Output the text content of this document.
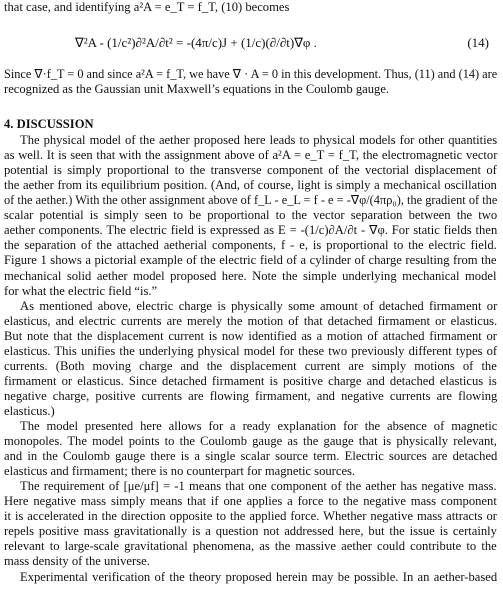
that case, and identifying a²A = e_T = f_T, (10) becomes
∇²A - (1/c²)∂²A/∂t² = -(4π/c)J + (1/c)(∂/∂t)∇φ .	(14)
Since ∇·f_T = 0 and since a²A = f_T, we have ∇ · A = 0 in this development. Thus, (11) and (14) are
recognized as the Gaussian unit Maxwell’s equations in the Coulomb gauge.
4. DISCUSSION
The physical model of the aether proposed here leads to physical models for other quantities
as well. It is seen that with the assignment above of a²A = e_T = f_T, the electromagnetic vector
potential is simply proportional to the transverse component of the vectorial displacement of
the aether from its equilibrium position. (And, of course, light is simply a mechanical oscillation
of the aether.) With the other assignment above of f_L - e_L = f - e = -∇φ/(4πρ₀), the gradient of the
scalar potential is simply seen to be proportional to the vector separation between the two
aether components. The electric field is expressed as E = -(1/c)∂A/∂t - ∇φ. For static fields then
the separation of the attached aetherial components, f - e, is proportional to the electric field.
Figure 1 shows a pictorial example of the electric field of a cylinder of charge resulting from the
mechanical solid aether model proposed here. Note the simple underlying mechanical model
for what the electric field “is.”
As mentioned above, electric charge is physically some amount of detached firmament or
elasticus, and electric currents are merely the motion of that detached firmament or elasticus.
But note that the displacement current is now identified as a motion of attached firmament or
elasticus. This unifies the underlying physical model for these two previously different types of
currents. (Both moving charge and the displacement current are simply motions of the
firmament or elasticus. Since detached firmament is positive charge and detached elasticus is
negative charge, positive currents are flowing firmament, and negative currents are flowing
elasticus.)
The model presented here allows for a ready explanation for the absence of magnetic
monopoles. The model points to the Coulomb gauge as the gauge that is physically relevant,
and in the Coulomb gauge there is a single scalar source term. Electric sources are detached
elasticus and firmament; there is no counterpart for magnetic sources.
The requirement of [μe/μf] = -1 means that one component of the aether has negative mass.
Here negative mass simply means that if one applies a force to the negative mass component
it is accelerated in the direction opposite to the applied force. Whether negative mass attracts or
repels positive mass gravitationally is a question not addressed here, but the issue is certainly
relevant to large-scale gravitational phenomena, as the massive aether could contribute to the
mass density of the universe.
Experimental verification of the theory proposed herein may be possible. In an aether-based
